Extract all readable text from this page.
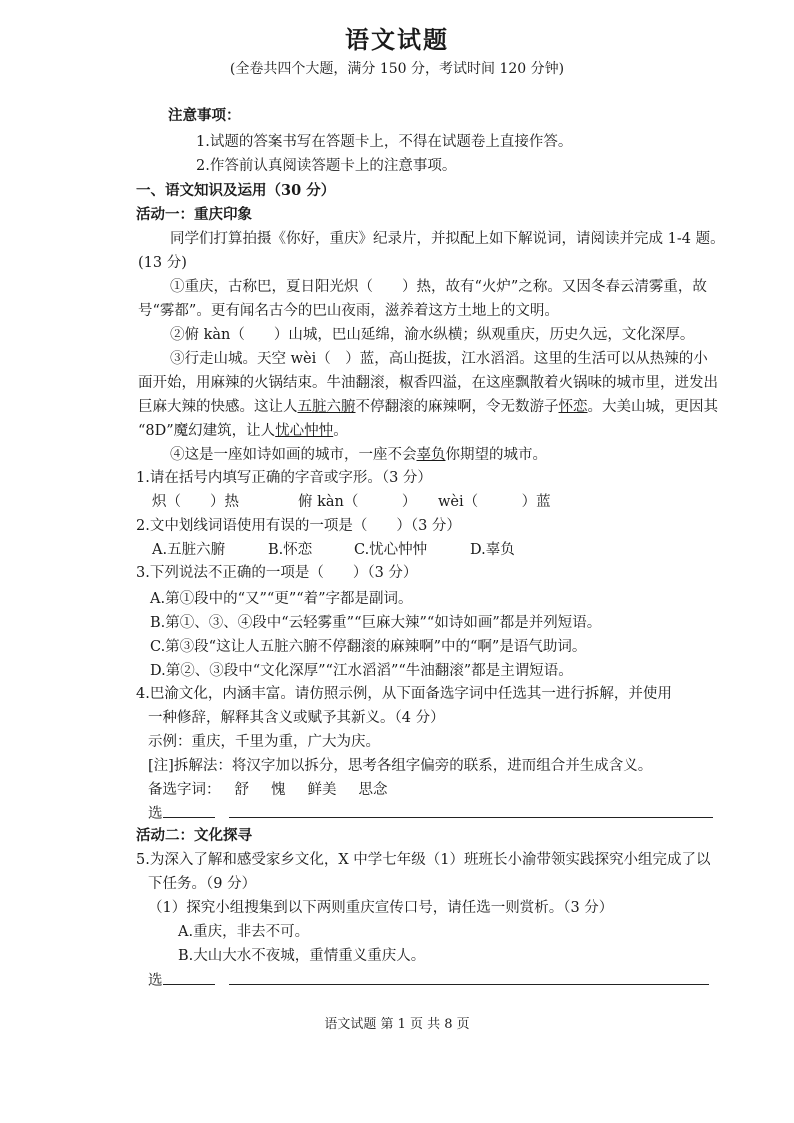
语文试题
(全卷共四个大题，满分 150 分，考试时间 120 分钟)
注意事项：
1.试题的答案书写在答题卡上，不得在试题卷上直接作答。
2.作答前认真阅读答题卡上的注意事项。
一、语文知识及运用（30 分）
活动一：重庆印象
同学们打算拍摄《你好，重庆》纪录片，并拟配上如下解说词，请阅读并完成 1-4 题。
(13 分)
①重庆，古称巴，夏日阳光炽（　　）热，故有“火炉”之称。又因冬春云清雾重，故
号“雾都”。更有闻名古今的巴山夜雨，滋养着这方土地上的文明。
②俯 kàn（　　）山城，巴山延绵，渝水纵横；纵观重庆，历史久远，文化深厚。
③行走山城。天空 wèi（　）蓝，高山挺拔，江水滔滔。这里的生活可以从热辣的小
面开始，用麻辣的火锅结束。牛油翻滚，椒香四溢，在这座飘散着火锅味的城市里，迸发出
巨麻大辣的快感。这让人五脏六腑不停翻滚的麻辣啊，令无数游子怀恋。大美山城，更因其
“8D”魔幻建筑，让人忧心忡忡。
④这是一座如诗如画的城市，一座不会辜负你期望的城市。
1.请在括号内填写正确的字音或字形。（3 分）
炽（　　）热	俯 kàn（　　　） wèi（　　　）蓝
2.文中划线词语使用有误的一项是（　　）（3 分）
A.五脏六腑	B.怀恋	C.忧心忡忡	D.辜负
3.下列说法不正确的一项是（　　）（3 分）
A.第①段中的“又”“更”“着”字都是副词。
B.第①、③、④段中“云轻雾重”“巨麻大辣”“如诗如画”都是并列短语。
C.第③段“这让人五脏六腑不停翻滚的麻辣啊”中的“啊”是语气助词。
D.第②、③段中“文化深厚”“江水滔滔”“牛油翻滚”都是主谓短语。
4.巴渝文化，内涵丰富。请仿照示例，从下面备选字词中任选其一进行拆解，并使用
一种修辞，解释其含义或赋予其新义。（4 分）
示例：重庆，千里为重，广大为庆。
[注]拆解法：将汉字加以拆分，思考各组字偏旁的联系，进而组合并生成含义。
备选字词： 舒 愧 鲜美 思念
选
活动二：文化探寻
5.为深入了解和感受家乡文化，X 中学七年级（1）班班长小渝带领实践探究小组完成了以
下任务。（9 分）
（1）探究小组搜集到以下两则重庆宣传口号，请任选一则赏析。（3 分）
A.重庆，非去不可。
B.大山大水不夜城，重情重义重庆人。
选
语文试题 第 1 页 共 8 页
